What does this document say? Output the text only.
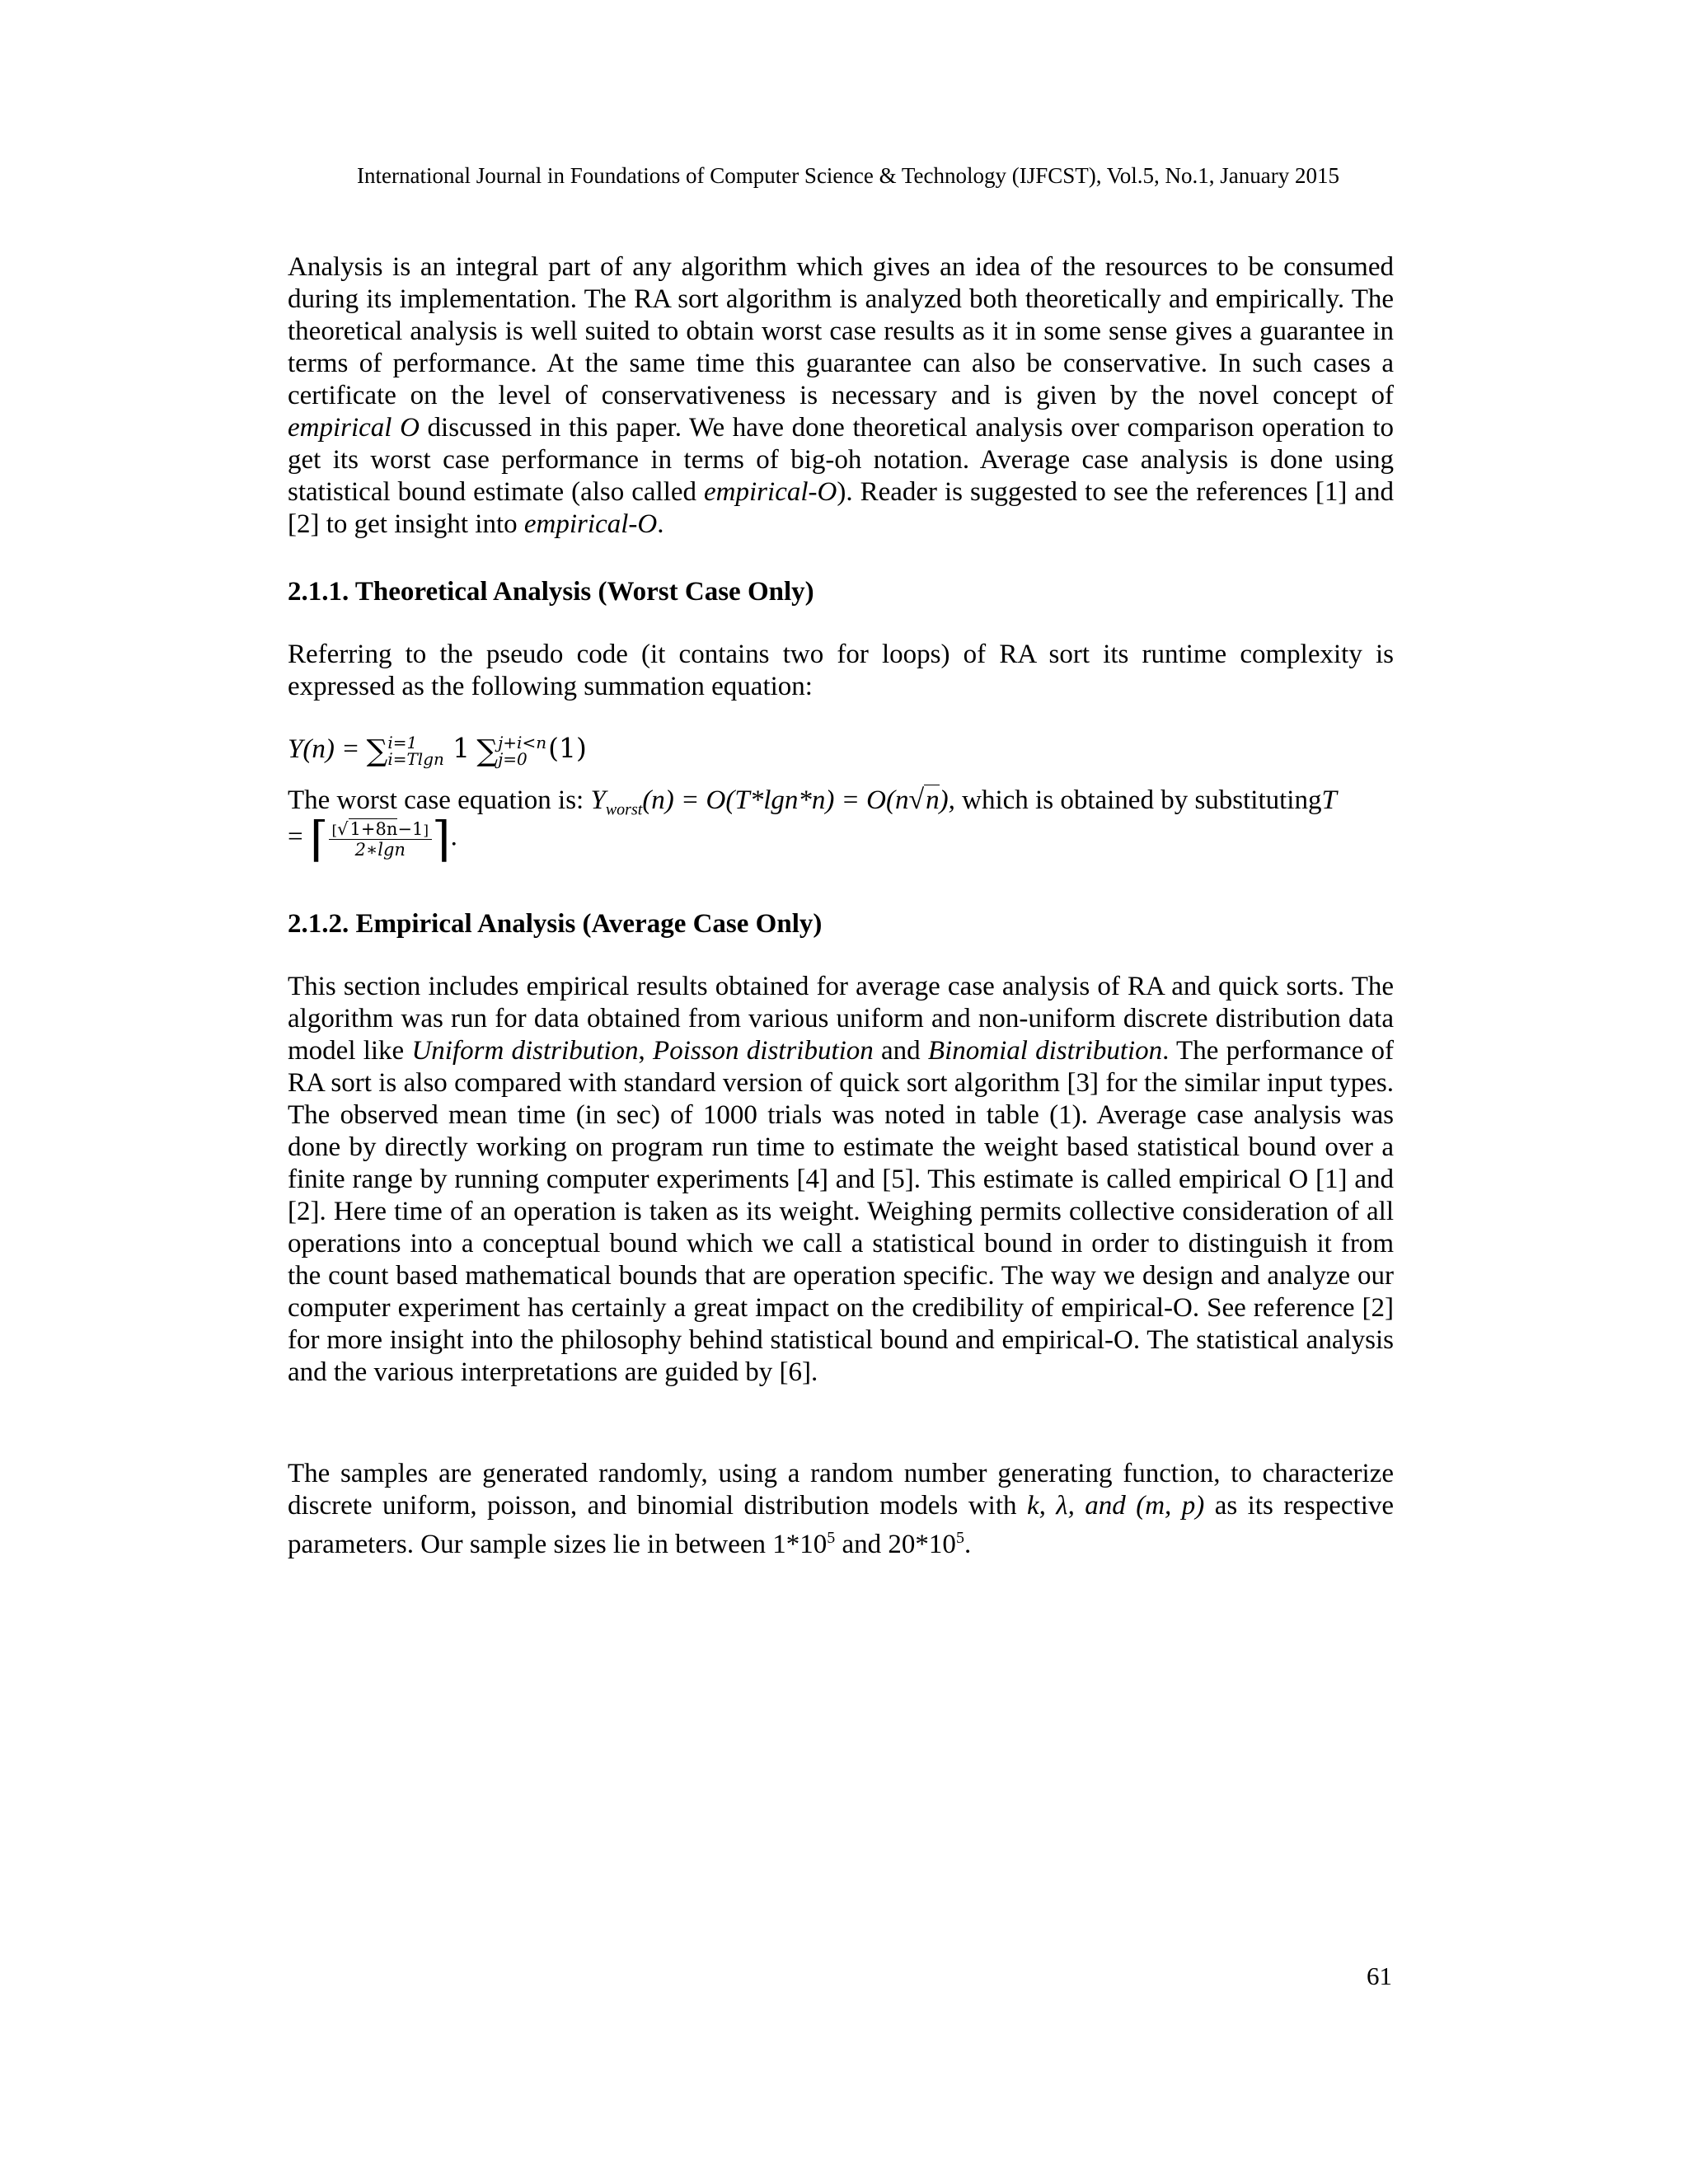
International Journal in Foundations of Computer Science & Technology (IJFCST), Vol.5, No.1, January 2015

Analysis is an integral part of any algorithm which gives an idea of the resources to be consumed during its implementation. The RA sort algorithm is analyzed both theoretically and empirically. The theoretical analysis is well suited to obtain worst case results as it in some sense gives a guarantee in terms of performance. At the same time this guarantee can also be conservative. In such cases a certificate on the level of conservativeness is necessary and is given by the novel concept of empirical O discussed in this paper. We have done theoretical analysis over comparison operation to get its worst case performance in terms of big-oh notation. Average case analysis is done using statistical bound estimate (also called empirical-O). Reader is suggested to see the references [1] and [2] to get insight into empirical-O.

2.1.1. Theoretical Analysis (Worst Case Only)

Referring to the pseudo code (it contains two for loops) of RA sort its runtime complexity is expressed as the following summation equation:

Y(n) = ∑ i=1
i=Tlgn 1 ∑ j+i<n
j=0 (1)
The worst case equation is: $Y_{worst}(n) = O(T*\lg n*n) = O(n√n)$, which is obtained by substitutingT
= ⌈ $\frac{[√1+8n-1]}{2∗\lg n}$ ⌉.
2.1.2. Empirical Analysis (Average Case Only)

This section includes empirical results obtained for average case analysis of RA and quick sorts. The algorithm was run for data obtained from various uniform and non-uniform discrete distribution data model like Uniform distribution, Poisson distribution and Binomial distribution. The performance of RA sort is also compared with standard version of quick sort algorithm [3] for the similar input types. The observed mean time (in sec) of 1000 trials was noted in table (1). Average case analysis was done by directly working on program run time to estimate the weight based statistical bound over a finite range by running computer experiments [4] and [5]. This estimate is called empirical O [1] and [2]. Here time of an operation is taken as its weight. Weighing permits collective consideration of all operations into a conceptual bound which we call a statistical bound in order to distinguish it from the count based mathematical bounds that are operation specific. The way we design and analyze our computer experiment has certainly a great impact on the credibility of empirical-O. See reference [2] for more insight into the philosophy behind statistical bound and empirical-O. The statistical analysis and the various interpretations are guided by [6].

The samples are generated randomly, using a random number generating function, to characterize discrete uniform, poisson, and binomial distribution models with k, λ, and (m, p) as its respective parameters. Our sample sizes lie in between $1*10^5$ and $20*10^5$.

61
